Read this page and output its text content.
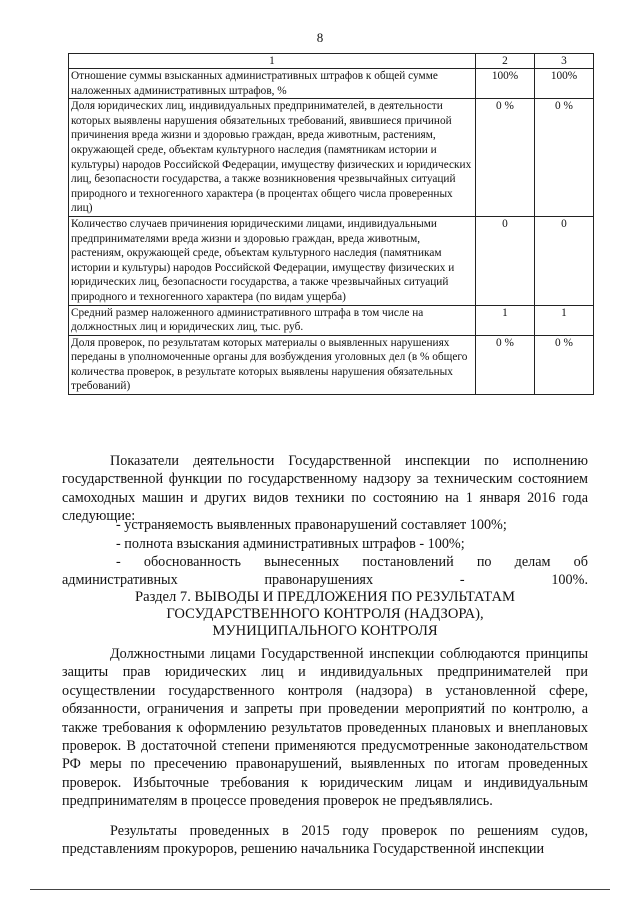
8
1	2	3
Отношение суммы взысканных административных штрафов к общей сумме наложенных административных штрафов, %	100%	100%
Доля юридических лиц, индивидуальных предпринимателей, в деятельности которых выявлены нарушения обязательных требований, явившиеся причиной причинения вреда жизни и здоровью граждан, вреда животным, растениям, окружающей среде, объектам культурного наследия (памятникам истории и культуры) народов Российской Федерации, имуществу физических и юридических лиц, безопасности государства, а также возникновения чрезвычайных ситуаций природного и техногенного характера (в процентах общего числа проверенных лиц)	0 %	0 %
Количество случаев причинения юридическими лицами, индивидуальными предпринимателями вреда жизни и здоровью граждан, вреда животным, растениям, окружающей среде, объектам культурного наследия (памятникам истории и культуры) народов Российской Федерации, имуществу физических и юридических лиц, безопасности государства, а также чрезвычайных ситуаций природного и техногенного характера (по видам ущерба)	0	0
Средний размер наложенного административного штрафа в том числе на должностных лиц и юридических лиц, тыс. руб.	1	1
Доля проверок, по результатам которых материалы о выявленных нарушениях переданы в уполномоченные органы для возбуждения уголовных дел (в % общего количества проверок, в результате которых выявлены нарушения обязательных требований)	0 %	0 %

Показатели деятельности Государственной инспекции по исполнению государственной функции по государственному надзору за техническим состоянием самоходных машин и других видов техники по состоянию на 1 января 2016 года следующие:

- устраняемость выявленных правонарушений составляет 100%;

- полнота взыскания административных штрафов - 100%;

- обоснованность вынесенных постановлений по делам об административных правонарушениях - 100%.

Раздел 7. ВЫВОДЫ И ПРЕДЛОЖЕНИЯ ПО РЕЗУЛЬТАТАМ
ГОСУДАРСТВЕННОГО КОНТРОЛЯ (НАДЗОРА),
МУНИЦИПАЛЬНОГО КОНТРОЛЯ

Должностными лицами Государственной инспекции соблюдаются принципы защиты прав юридических лиц и индивидуальных предпринимателей при осуществлении государственного контроля (надзора) в установленной сфере, обязанности, ограничения и запреты при проведении мероприятий по контролю, а также требования к оформлению результатов проведенных плановых и внеплановых проверок. В достаточной степени применяются предусмотренные законодательством РФ меры по пресечению правонарушений, выявленных по итогам проведенных проверок. Избыточные требования к юридическим лицам и индивидуальным предпринимателям в процессе проведения проверок не предъявлялись.

Результаты проведенных в 2015 году проверок по решениям судов, представлениям прокуроров, решению начальника Государственной инспекции
